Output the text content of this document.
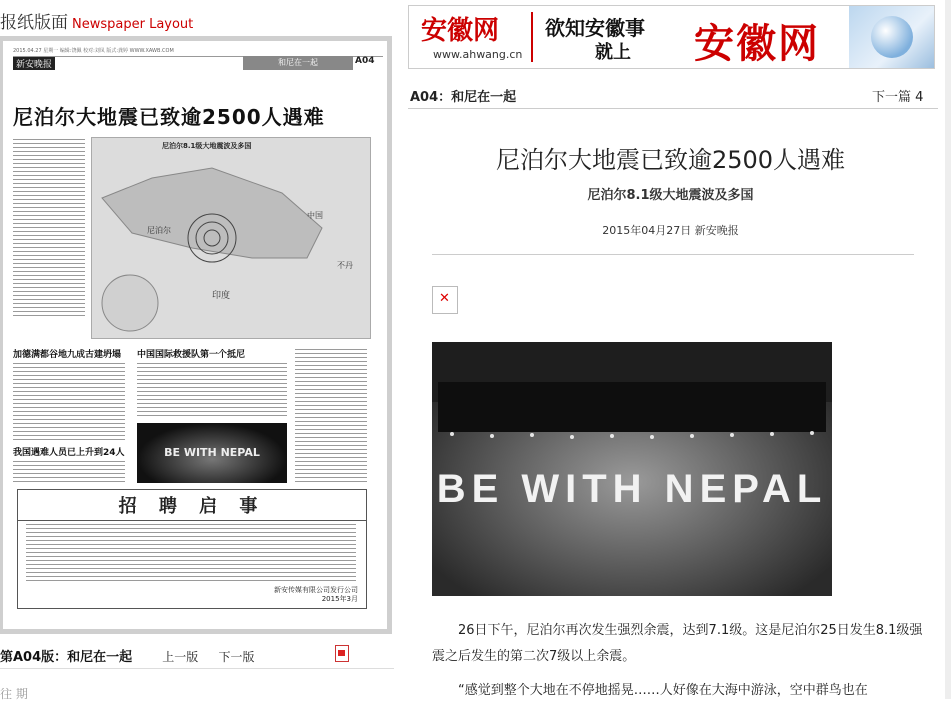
报纸版面 Newspaper Layout
2015.04.27 星期一 编辑:饶佩 校对:刘凤 版式:龚婷 WWW.XAWB.COM
新安晚报	和尼在一起	A04
尼泊尔大地震已致逾2500人遇难
尼泊尔8.1级大地震波及多国
尼泊尔
中国
印度
不丹
加德满都谷地九成古建坍塌
我国遇难人员已上升到24人
中国国际救援队第一个抵尼
BE WITH NEPAL
招 聘 启 事
新安传媒有限公司发行公司
2015年3月
第A04版：和尼在一起	上一版 下一版
往 期
安徽网
www.ahwang.cn
欲知安徽事
就上 安徽网
A04：和尼在一起	下一篇 4
尼泊尔大地震已致逾2500人遇难
尼泊尔8.1级大地震波及多国
2015年04月27日 新安晚报
✕
BE WITH NEPAL
26日下午，尼泊尔再次发生强烈余震，达到7.1级。这是尼泊尔25日发生8.1级强震之后发生的第二次7级以上余震。
“感觉到整个大地在不停地摇晃……人好像在大海中游泳，空中群鸟也在
